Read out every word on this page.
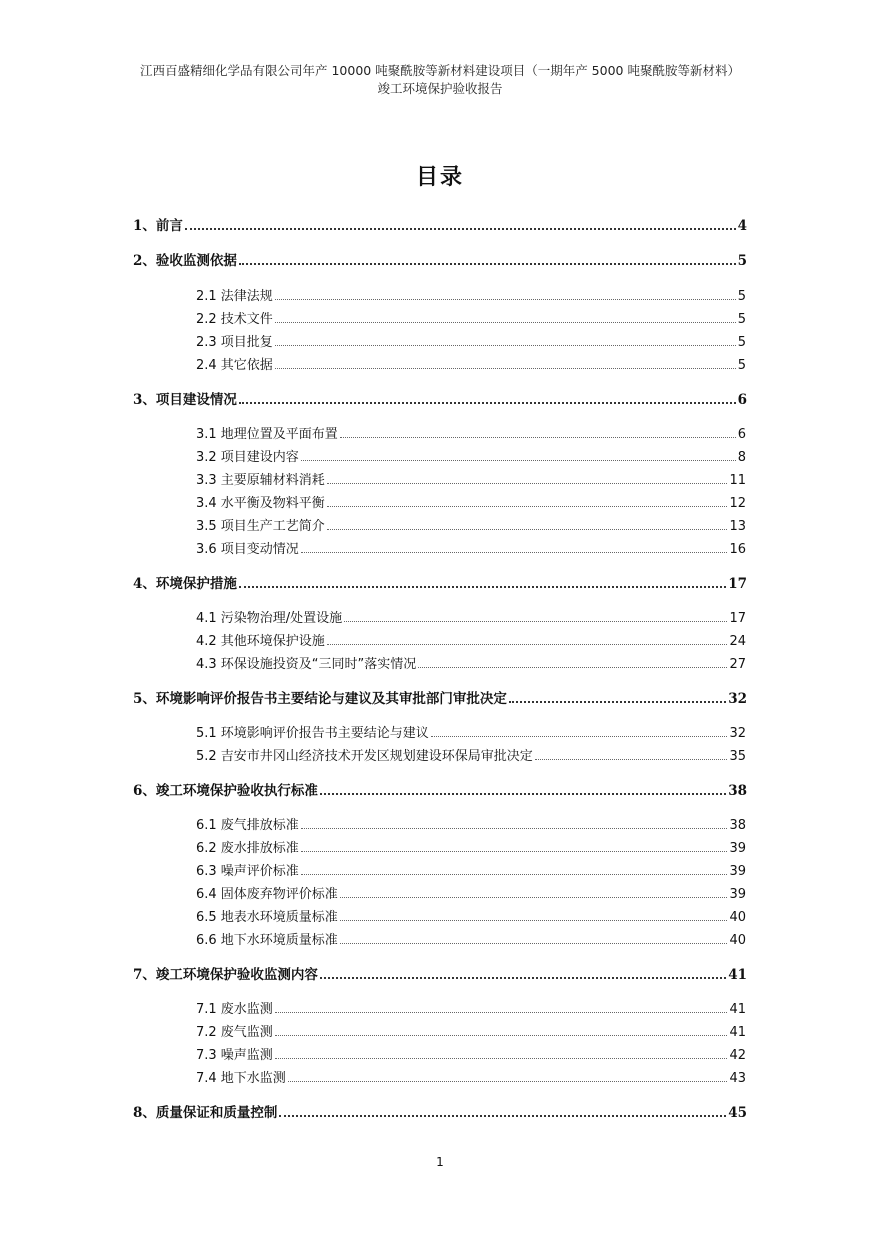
江西百盛精细化学品有限公司年产 10000 吨聚酰胺等新材料建设项目（一期年产 5000 吨聚酰胺等新材料）
竣工环境保护验收报告
目录
1、前言	4
2、验收监测依据	5
2.1 法律法规	5
2.2 技术文件	5
2.3 项目批复	5
2.4 其它依据	5
3、项目建设情况	6
3.1 地理位置及平面布置	6
3.2 项目建设内容	8
3.3 主要原辅材料消耗	11
3.4 水平衡及物料平衡	12
3.5 项目生产工艺简介	13
3.6 项目变动情况	16
4、环境保护措施	17
4.1 污染物治理/处置设施	17
4.2 其他环境保护设施	24
4.3 环保设施投资及“三同时”落实情况	27
5、环境影响评价报告书主要结论与建议及其审批部门审批决定	32
5.1 环境影响评价报告书主要结论与建议	32
5.2 吉安市井冈山经济技术开发区规划建设环保局审批决定	35
6、竣工环境保护验收执行标准	38
6.1 废气排放标准	38
6.2 废水排放标准	39
6.3 噪声评价标准	39
6.4 固体废弃物评价标准	39
6.5 地表水环境质量标准	40
6.6 地下水环境质量标准	40
7、竣工环境保护验收监测内容	41
7.1 废水监测	41
7.2 废气监测	41
7.3 噪声监测	42
7.4 地下水监测	43
8、质量保证和质量控制	45
1
